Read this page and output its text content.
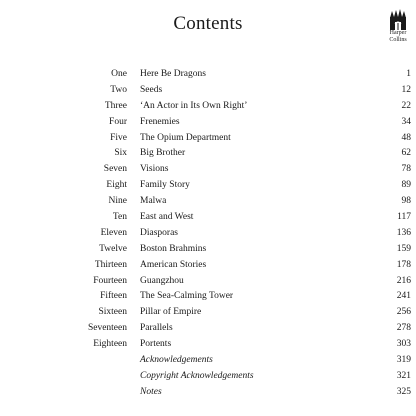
Contents	Harper
Collins
One Here Be Dragons	1
Two Seeds	12
Three ‘An Actor in Its Own Right’	22
Four Frenemies	34
Five The Opium Department	48
Six Big Brother	62
Seven Visions	78
Eight Family Story	89
Nine Malwa	98
Ten East and West	117
Eleven Diasporas	136
Twelve Boston Brahmins	159
Thirteen American Stories	178
Fourteen Guangzhou	216
Fifteen The Sea-Calming Tower	241
Sixteen Pillar of Empire	256
Seventeen Parallels	278
Eighteen Portents	303
Acknowledgements	319
Copyright Acknowledgements	321
Notes	325
